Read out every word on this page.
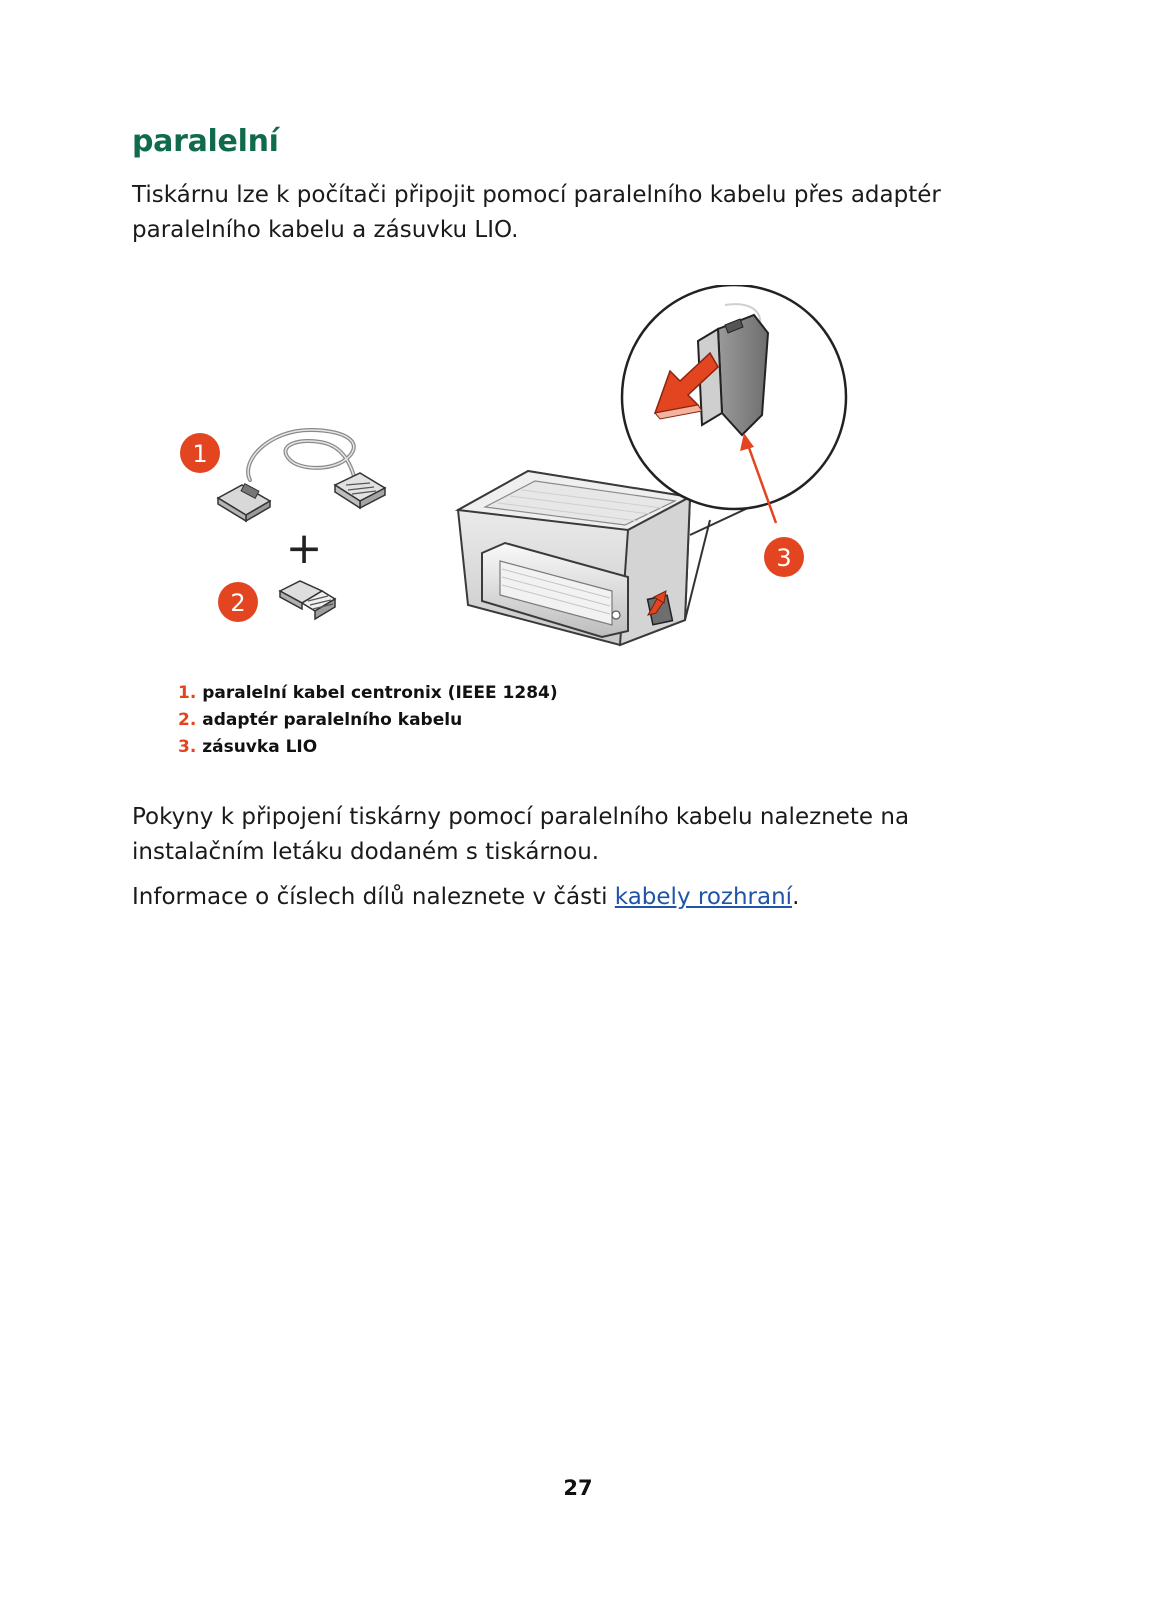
paralelní

Tiskárnu lze k počítači připojit pomocí paralelního kabelu přes adaptér paralelního kabelu a zásuvku LIO.

1
+
2
3
1. paralelní kabel centronix (IEEE 1284)
2. adaptér paralelního kabelu
3. zásuvka LIO

Pokyny k připojení tiskárny pomocí paralelního kabelu naleznete na instalačním letáku dodaném s tiskárnou.

Informace o číslech dílů naleznete v části kabely rozhraní.

27
